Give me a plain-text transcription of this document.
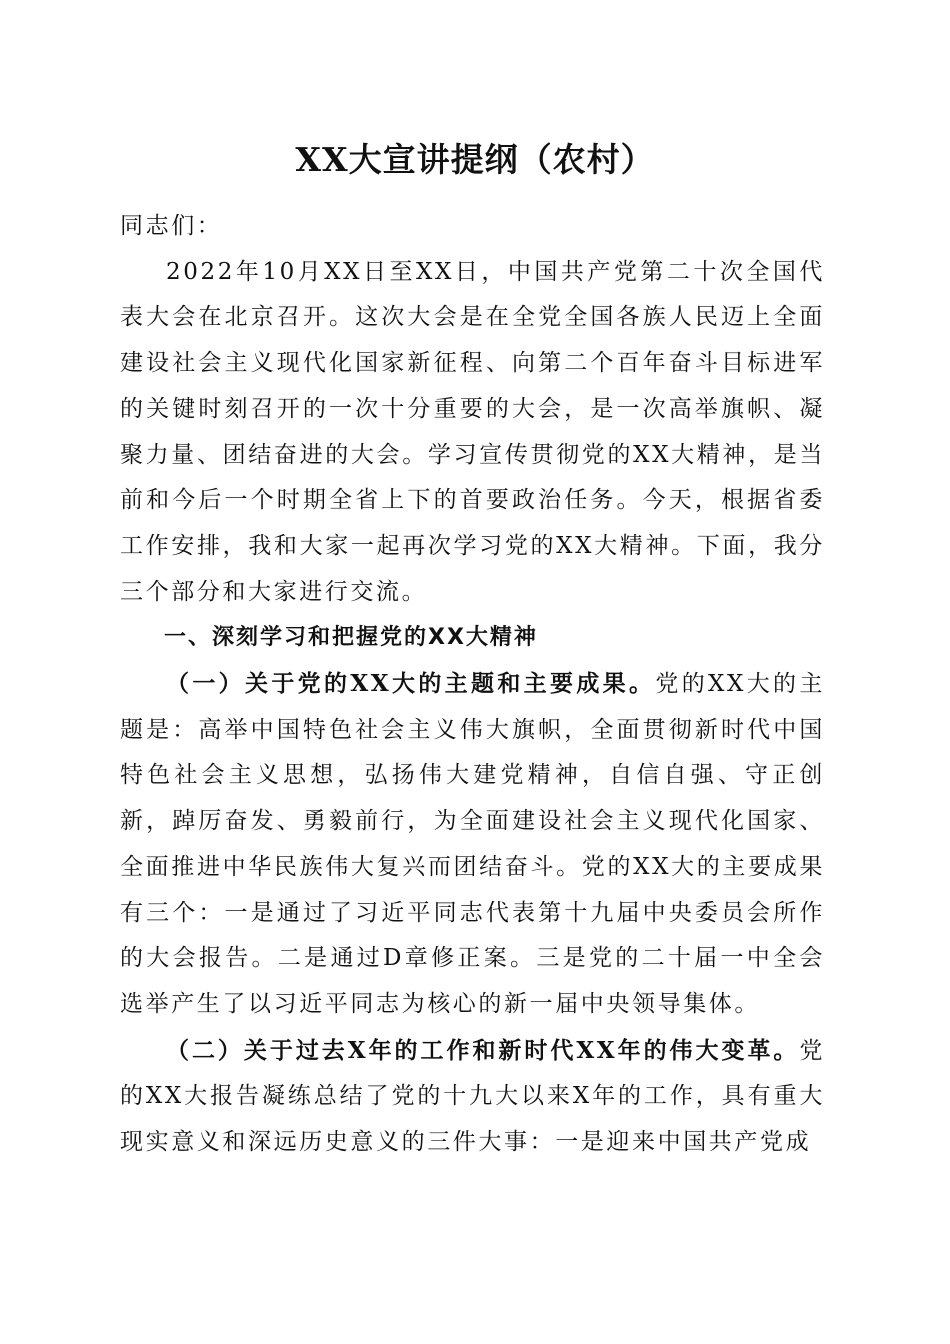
XX大宣讲提纲（农村）

同志们：

2022年10月XX日至XX日，中国共产党第二十次全国代表大会在北京召开。这次大会是在全党全国各族人民迈上全面建设社会主义现代化国家新征程、向第二个百年奋斗目标进军的关键时刻召开的一次十分重要的大会，是一次高举旗帜、凝聚力量、团结奋进的大会。学习宣传贯彻党的XX大精神，是当前和今后一个时期全省上下的首要政治任务。今天，根据省委工作安排，我和大家一起再次学习党的XX大精神。下面，我分三个部分和大家进行交流。

一、深刻学习和把握党的XX大精神

（一）关于党的XX大的主题和主要成果。党的XX大的主题是：高举中国特色社会主义伟大旗帜，全面贯彻新时代中国特色社会主义思想，弘扬伟大建党精神，自信自强、守正创新，踔厉奋发、勇毅前行，为全面建设社会主义现代化国家、全面推进中华民族伟大复兴而团结奋斗。党的XX大的主要成果有三个：一是通过了习近平同志代表第十九届中央委员会所作的大会报告。二是通过D章修正案。三是党的二十届一中全会选举产生了以习近平同志为核心的新一届中央领导集体。

（二）关于过去X年的工作和新时代XX年的伟大变革。党的XX大报告凝练总结了党的十九大以来X年的工作，具有重大现实意义和深远历史意义的三件大事：一是迎来中国共产党成
